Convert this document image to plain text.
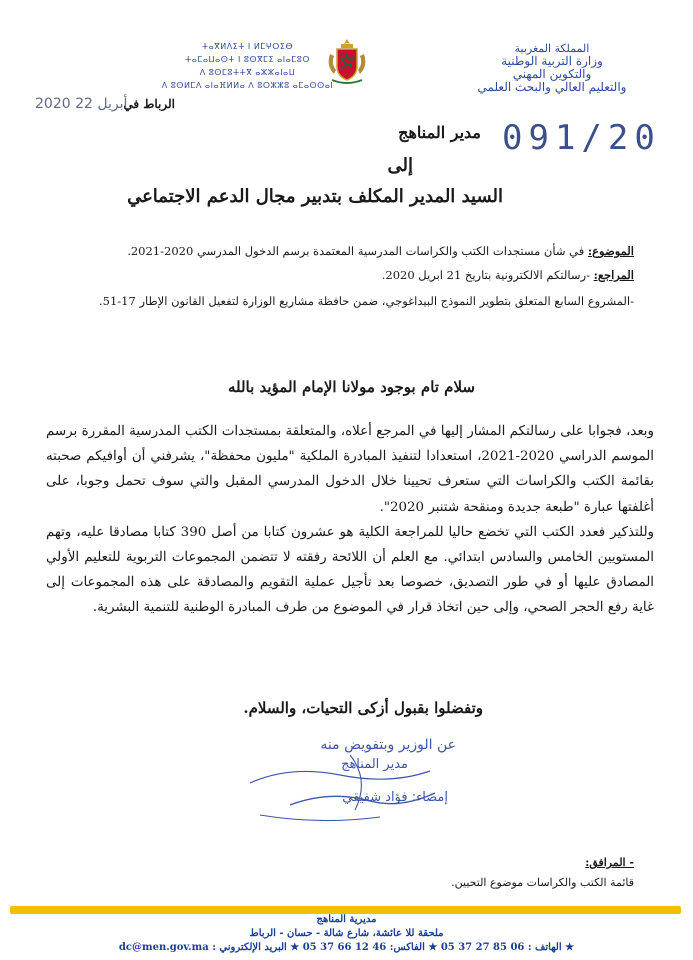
المملكة المغربية
وزارة التربية الوطنية
والتكوين المهني
والتعليم العالي والبحث العلمي
ⵜⴰⴳⵍⴷⵉⵜ ⵏ ⵍⵎⵖⵔⵉⴱ
ⵜⴰⵎⴰⵡⴰⵙⵜ ⵏ ⵓⵙⴳⵎⵉ ⴰⵏⴰⵎⵓⵔ
ⴷ ⵓⵙⵎⵓⵜⵜⴳ ⴰⵣⵣⴰⵏⴰⵡ
ⴷ ⵓⵙⵍⵎⴷ ⴰⵏⴰⴼⵍⵍⴰ ⴷ ⵓⵔⵣⵣⵓ ⴰⵎⴰⵙⵙⴰⵏ
الرباط في
2020 أبريل 22
091/20
مدير المناهج
إلى
السيد المدير المكلف بتدبير مجال الدعم الاجتماعي
الموضوع: في شأن مستجدات الكتب والكراسات المدرسية المعتمدة برسم الدخول المدرسي 2020-2021.
المراجع: -رسالتكم الالكترونية بتاريخ 21 ابريل 2020.
-المشروع السابع المتعلق بتطوير النموذج البيداغوجي، ضمن حافظة مشاريع الوزارة لتفعيل القانون الإطار 17-51.
سلام تام بوجود مولانا الإمام المؤيد بالله

وبعد، فجوابا على رسالتكم المشار إليها في المرجع أعلاه، والمتعلقة بمستجدات الكتب المدرسية المقررة برسم الموسم الدراسي 2020-2021، استعدادا لتنفيذ المبادرة الملكية "مليون محفظة"، يشرفني أن أوافيكم صحبته بقائمة الكتب والكراسات التي ستعرف تحيينا خلال الدخول المدرسي المقبل والتي سوف تحمل وجوبا، على أغلفتها عبارة "طبعة جديدة ومنقحة شتنبر 2020".

وللتذكير فعدد الكتب التي تخضع حاليا للمراجعة الكلية هو عشرون كتابا من أصل 390 كتابا مصادقا عليه، وتهم المستويين الخامس والسادس ابتدائي. مع العلم أن اللائحة رفقته لا تتضمن المجموعات التربوية للتعليم الأولي المصادق عليها أو في طور التصديق، خصوصا بعد تأجيل عملية التقويم والمصادقة على هذه المجموعات إلى غاية رفع الحجر الصحي، وإلى حين اتخاذ قرار في الموضوع من طرف المبادرة الوطنية للتنمية البشرية.

وتفضلوا بقبول أزكى التحيات، والسلام.
عن الوزير وبتفويض منه
مدير المناهج
إمضاء: فؤاد شفيقي
- المرافق:
قائمة الكتب والكراسات موضوع التحيين.
مديرية المناهج
ملحقة للا عائشة، شارع شالة - حسان - الرباط
★ الهاتف : 06 85 27 37 05 ★ الفاكس: 46 12 66 37 05 ★ البريد الإلكتروني : dc@men.gov.ma
